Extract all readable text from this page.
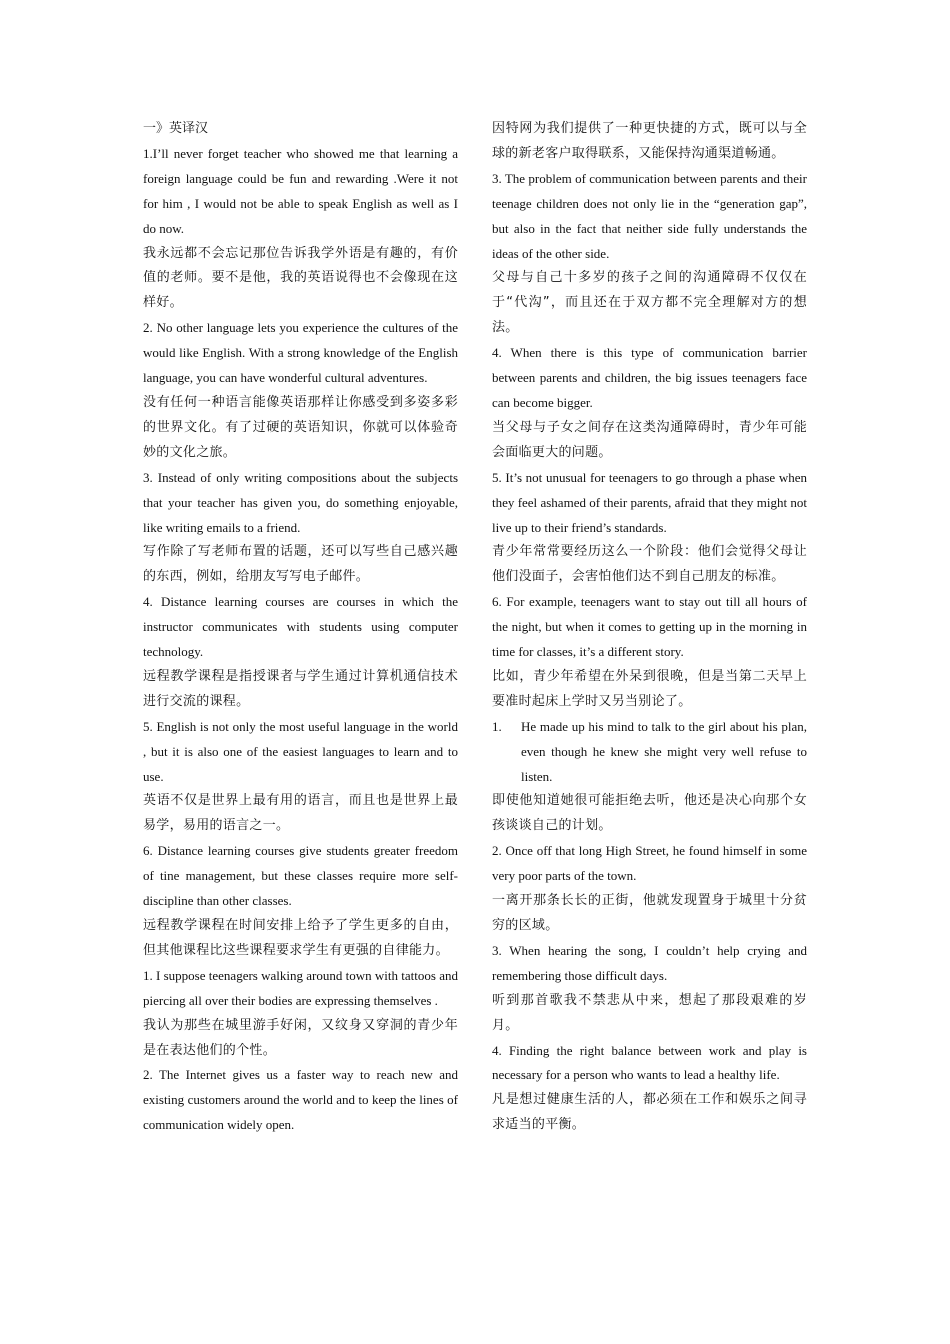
一》英译汉

1.I’ll never forget teacher who showed me that learning a foreign language could be fun and rewarding .Were it not for him , I would not be able to speak English as well as I do now.

我永远都不会忘记那位告诉我学外语是有趣的，有价值的老师。要不是他，我的英语说得也不会像现在这样好。

2. No other language lets you experience the cultures of the would like English. With a strong knowledge of the English language, you can have wonderful cultural adventures.

没有任何一种语言能像英语那样让你感受到多姿多彩的世界文化。有了过硬的英语知识，你就可以体验奇妙的文化之旅。

3. Instead of only writing compositions about the subjects that your teacher has given you, do something enjoyable, like writing emails to a friend.

写作除了写老师布置的话题，还可以写些自己感兴趣的东西，例如，给朋友写写电子邮件。

4. Distance learning courses are courses in which the instructor communicates with students using computer technology.

远程教学课程是指授课者与学生通过计算机通信技术进行交流的课程。

5. English is not only the most useful language in the world , but it is also one of the easiest languages to learn and to use.

英语不仅是世界上最有用的语言，而且也是世界上最易学，易用的语言之一。

6. Distance learning courses give students greater freedom of tine management, but these classes require more self-discipline than other classes.

远程教学课程在时间安排上给予了学生更多的自由，但其他课程比这些课程要求学生有更强的自律能力。

1. I suppose teenagers walking around town with tattoos and piercing all over their bodies are expressing themselves .

我认为那些在城里游手好闲，又纹身又穿洞的青少年是在表达他们的个性。

2. The Internet gives us a faster way to reach new and existing customers around the world and to keep the lines of communication widely open.

因特网为我们提供了一种更快捷的方式，既可以与全球的新老客户取得联系，又能保持沟通渠道畅通。

3. The problem of communication between parents and their teenage children does not only lie in the “generation gap”, but also in the fact that neither side fully understands the ideas of the other side.

父母与自己十多岁的孩子之间的沟通障碍不仅仅在于“代沟”，而且还在于双方都不完全理解对方的想法。

4. When there is this type of communication barrier between parents and children, the big issues teenagers face can become bigger.

当父母与子女之间存在这类沟通障碍时，青少年可能会面临更大的问题。

5. It’s not unusual for teenagers to go through a phase when they feel ashamed of their parents, afraid that they might not live up to their friend’s standards.

青少年常常要经历这么一个阶段：他们会觉得父母让他们没面子，会害怕他们达不到自己朋友的标准。

6. For example, teenagers want to stay out till all hours of the night, but when it comes to getting up in the morning in time for classes, it’s a different story.

比如，青少年希望在外呆到很晚，但是当第二天早上要准时起床上学时又另当别论了。

1.	He made up his mind to talk to the girl about his plan, even though he knew she might very well refuse to listen.

即使他知道她很可能拒绝去听，他还是决心向那个女孩谈谈自己的计划。

2. Once off that long High Street, he found himself in some very poor parts of the town.

一离开那条长长的正街，他就发现置身于城里十分贫穷的区域。

3. When hearing the song, I couldn’t help crying and remembering those difficult days.

听到那首歌我不禁悲从中来，想起了那段艰难的岁月。

4. Finding the right balance between work and play is necessary for a person who wants to lead a healthy life.

凡是想过健康生活的人，都必须在工作和娱乐之间寻求适当的平衡。
